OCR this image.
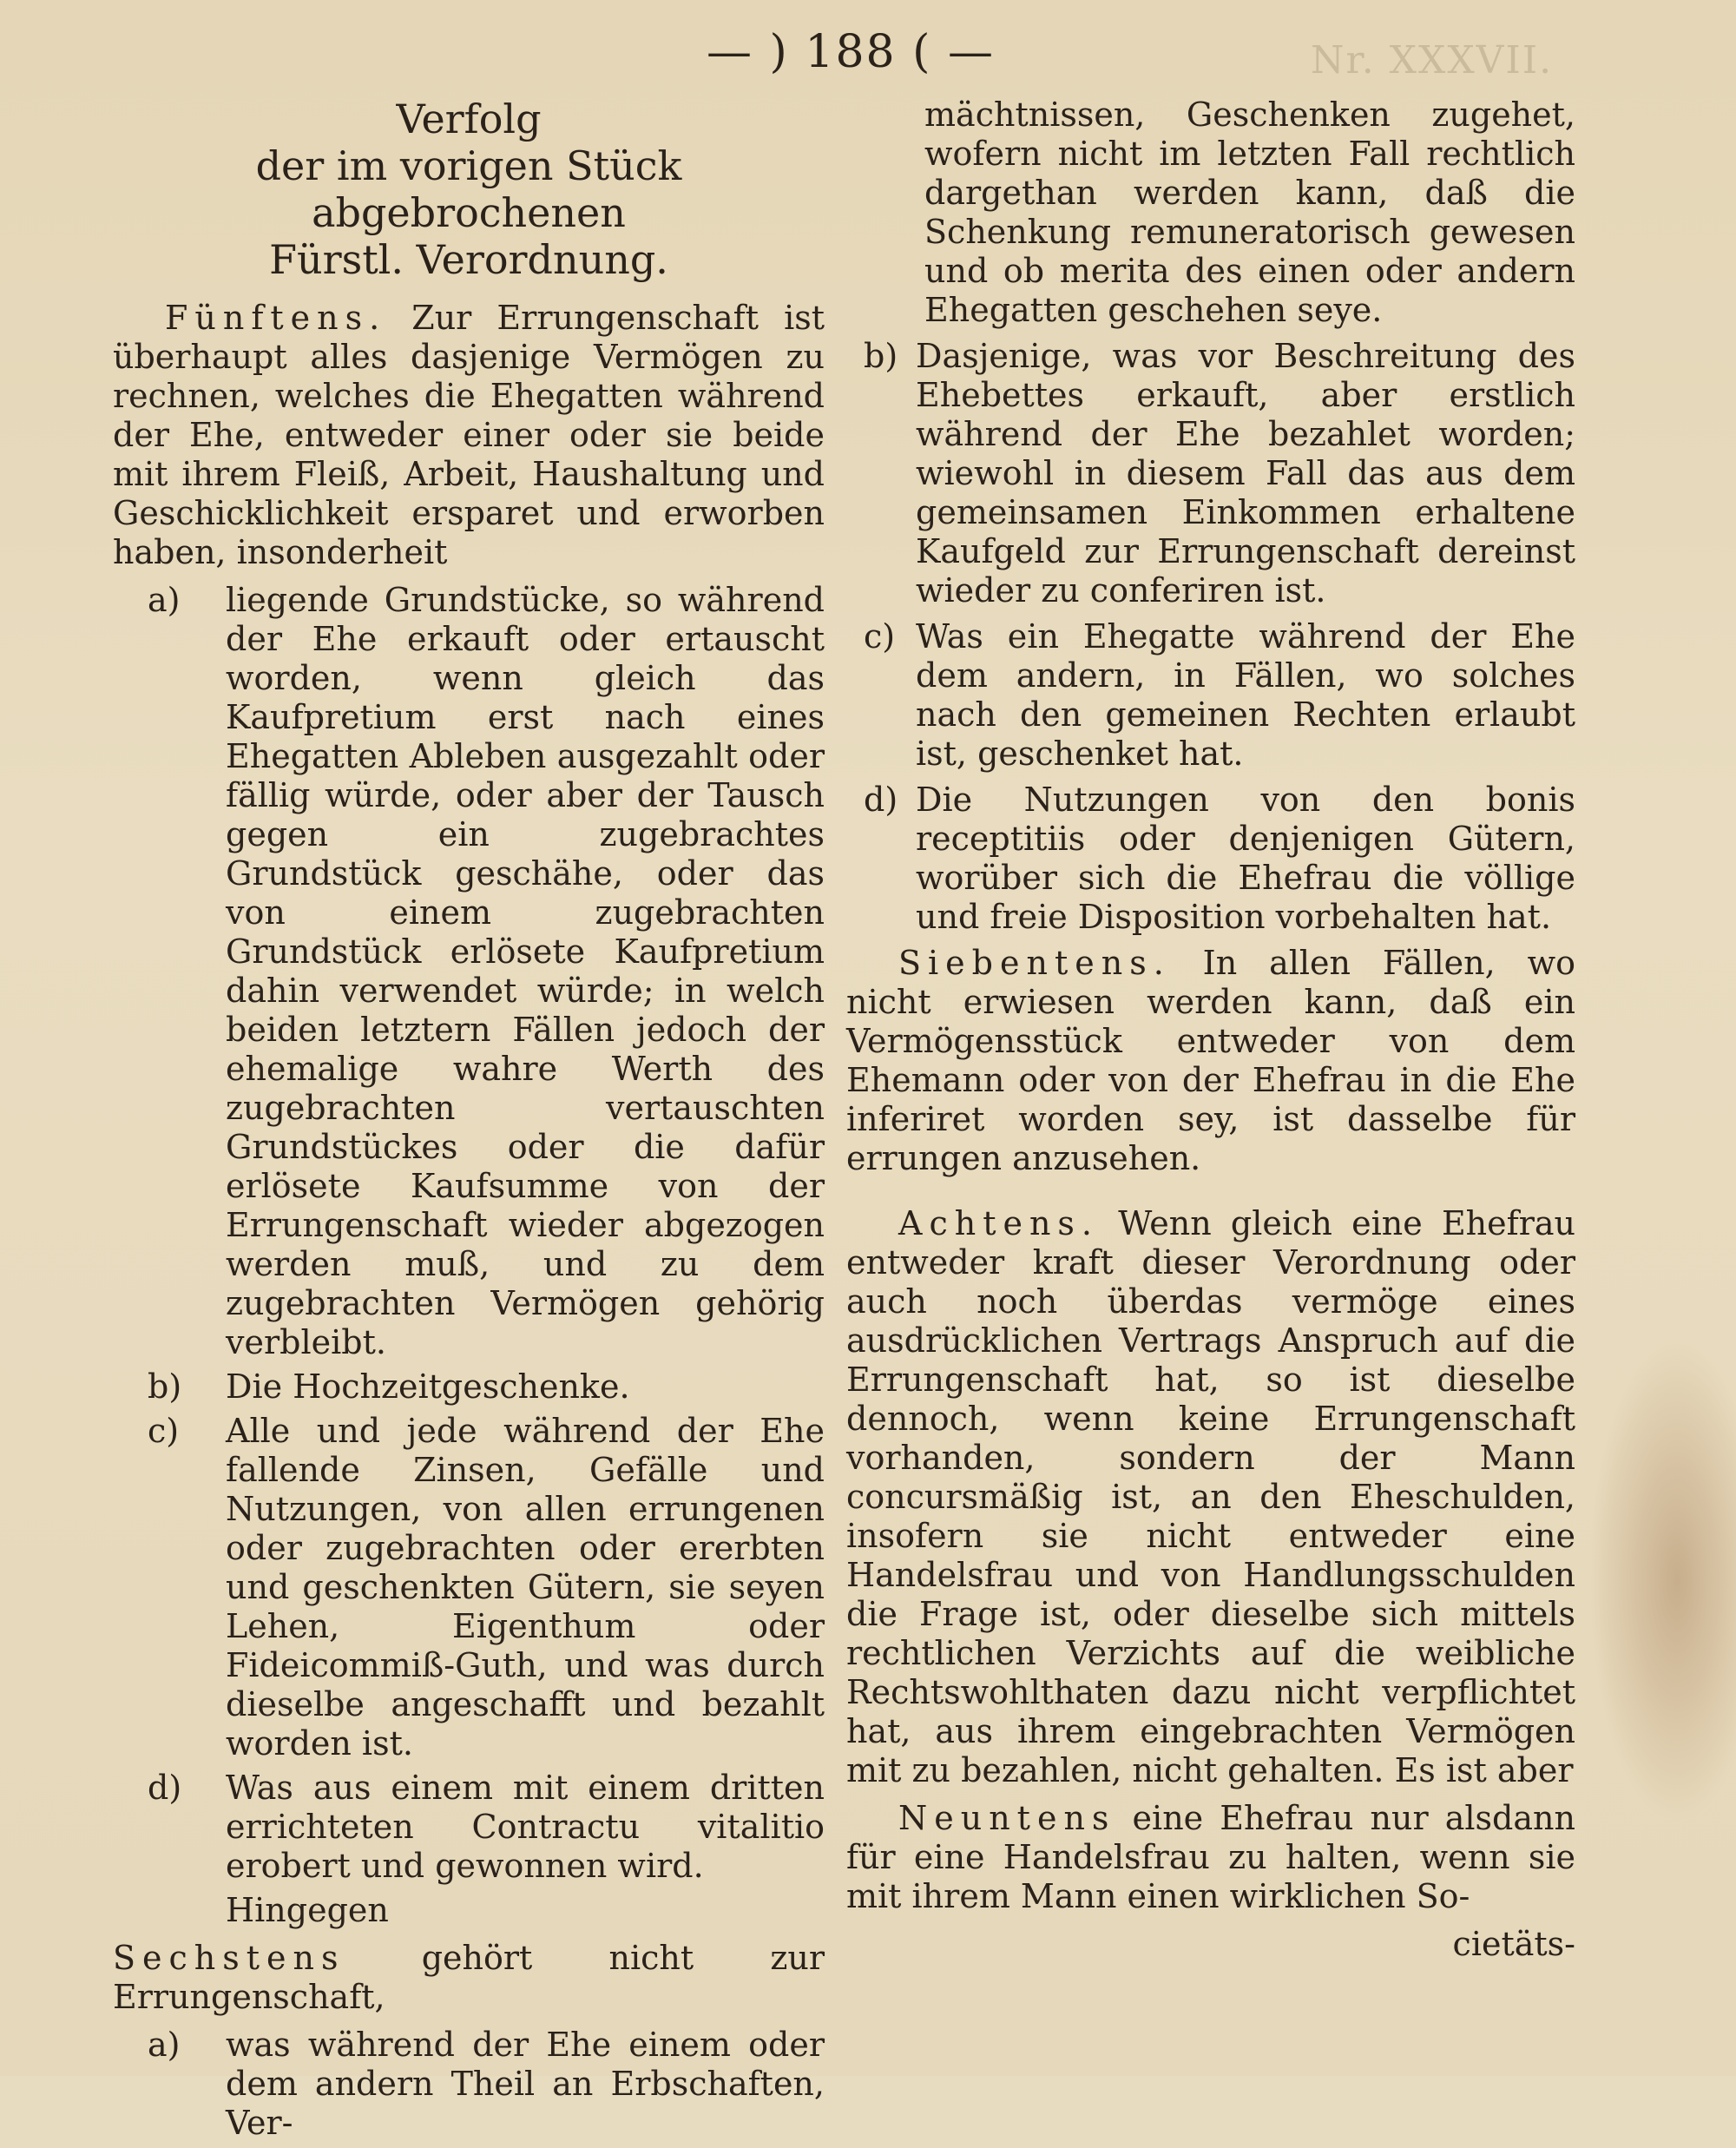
— ) 188 ( —	Nr. XXXVII.
Verfolg
der im vorigen Stück abgebrochenen
Fürstl. Verordnung.

Fünftens. Zur Errungenschaft ist überhaupt alles dasjenige Vermögen zu rechnen, welches die Ehegatten während der Ehe, entweder einer oder sie beide mit ihrem Fleiß, Arbeit, Haushaltung und Geschicklichkeit ersparet und erworben haben, insonderheit

a) liegende Grundstücke, so während der Ehe erkauft oder ertauscht worden, wenn gleich das Kaufpretium erst nach eines Ehegatten Ableben ausgezahlt oder fällig würde, oder aber der Tausch gegen ein zugebrachtes Grundstück geschähe, oder das von einem zugebrachten Grundstück erlösete Kaufpretium dahin verwendet würde; in welch beiden letztern Fällen jedoch der ehemalige wahre Werth des zugebrachten vertauschten Grundstückes oder die dafür erlösete Kaufsumme von der Errungenschaft wieder abgezogen werden muß, und zu dem zugebrachten Vermögen gehörig verbleibt.
b) Die Hochzeitgeschenke.
c) Alle und jede während der Ehe fallende Zinsen, Gefälle und Nutzungen, von allen errungenen oder zugebrachten oder ererbten und geschenkten Gütern, sie seyen Lehen, Eigenthum oder Fideicommiß-Guth, und was durch dieselbe angeschafft und bezahlt worden ist.
d) Was aus einem mit einem dritten errichteten Contractu vitalitio erobert und gewonnen wird.
Hingegen

Sechstens gehört nicht zur Errungenschaft,

a) was während der Ehe einem oder dem andern Theil an Erbschaften, Ver-
mächtnissen, Geschenken zugehet, wofern nicht im letzten Fall rechtlich dargethan werden kann, daß die Schenkung remuneratorisch gewesen und ob merita des einen oder andern Ehegatten geschehen seye.
b) Dasjenige, was vor Beschreitung des Ehebettes erkauft, aber erstlich während der Ehe bezahlet worden; wiewohl in diesem Fall das aus dem gemeinsamen Einkommen erhaltene Kaufgeld zur Errungenschaft dereinst wieder zu conferiren ist.
c) Was ein Ehegatte während der Ehe dem andern, in Fällen, wo solches nach den gemeinen Rechten erlaubt ist, geschenket hat.
d) Die Nutzungen von den bonis receptitiis oder denjenigen Gütern, worüber sich die Ehefrau die völlige und freie Disposition vorbehalten hat.

Siebentens. In allen Fällen, wo nicht erwiesen werden kann, daß ein Vermögensstück entweder von dem Ehemann oder von der Ehefrau in die Ehe inferiret worden sey, ist dasselbe für errungen anzusehen.

Achtens. Wenn gleich eine Ehefrau entweder kraft dieser Verordnung oder auch noch überdas vermöge eines ausdrücklichen Vertrags Anspruch auf die Errungenschaft hat, so ist dieselbe dennoch, wenn keine Errungenschaft vorhanden, sondern der Mann concursmäßig ist, an den Eheschulden, insofern sie nicht entweder eine Handelsfrau und von Handlungsschulden die Frage ist, oder dieselbe sich mittels rechtlichen Verzichts auf die weibliche Rechtswohlthaten dazu nicht verpflichtet hat, aus ihrem eingebrachten Vermögen mit zu bezahlen, nicht gehalten. Es ist aber

Neuntens eine Ehefrau nur alsdann für eine Handelsfrau zu halten, wenn sie mit ihrem Mann einen wirklichen So-

cietäts-
